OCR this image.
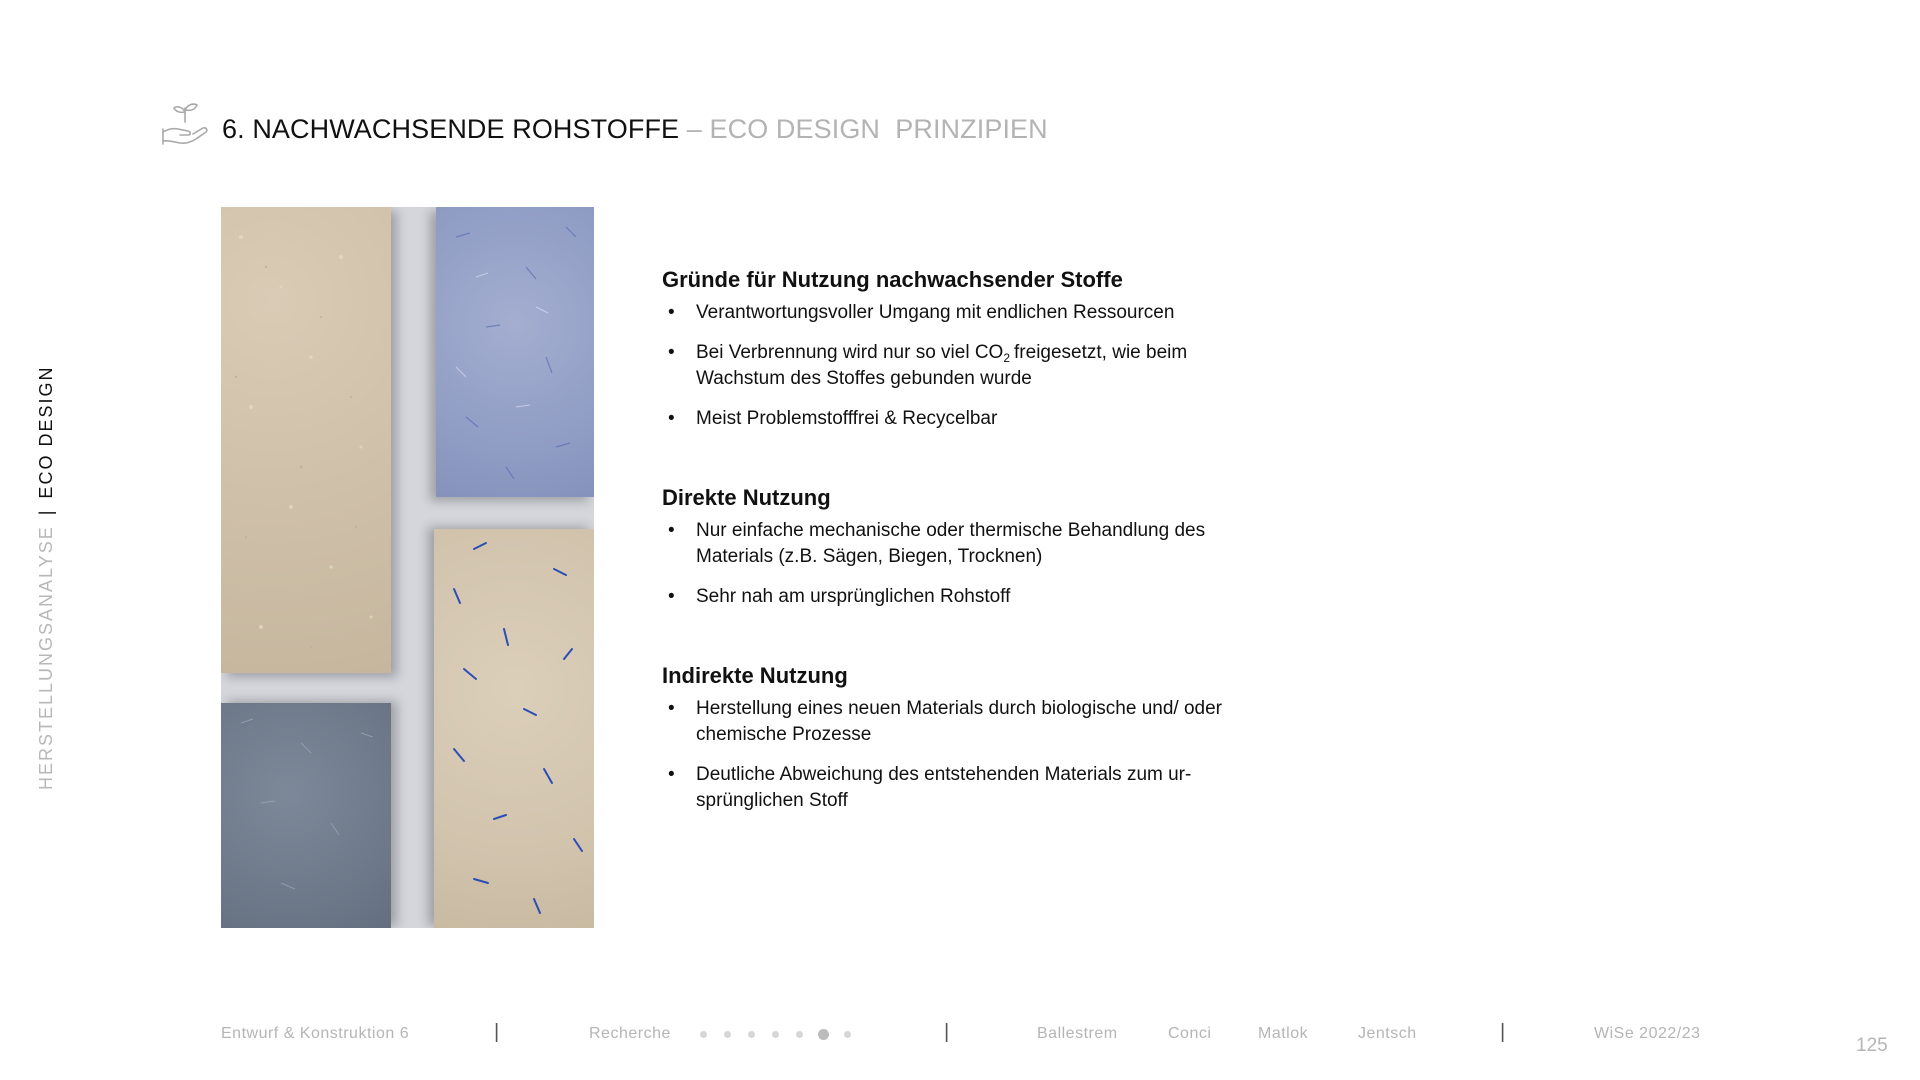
6. NACHWACHSENDE ROHSTOFFE – ECO DESIGN  PRINZIPIEN
HERSTELLUNGSANALYSE|ECO DESIGN
Gründe für Nutzung nachwachsender Stoffe
• Verantwortungsvoller Umgang mit endlichen Ressourcen
• Bei Verbrennung wird nur so viel $CO_2$ freigesetzt, wie beim Wachstum des Stoffes gebunden wurde
• Meist Problemstofffrei & Recycelbar
Direkte Nutzung
• Nur einfache mechanische oder thermische Behandlung des Materials (z.B. Sägen, Biegen, Trocknen)
• Sehr nah am ursprünglichen Rohstoff
Indirekte Nutzung
• Herstellung eines neuen Materials durch biologische und/ oder chemische Prozesse
• Deutliche Abweichung des entstehenden Materials zum ur-sprünglichen Stoff
Entwurf & Konstruktion 6	|	Recherche	|	Ballestrem	Conci	Matlok	Jentsch	|	WiSe 2022/23
125
